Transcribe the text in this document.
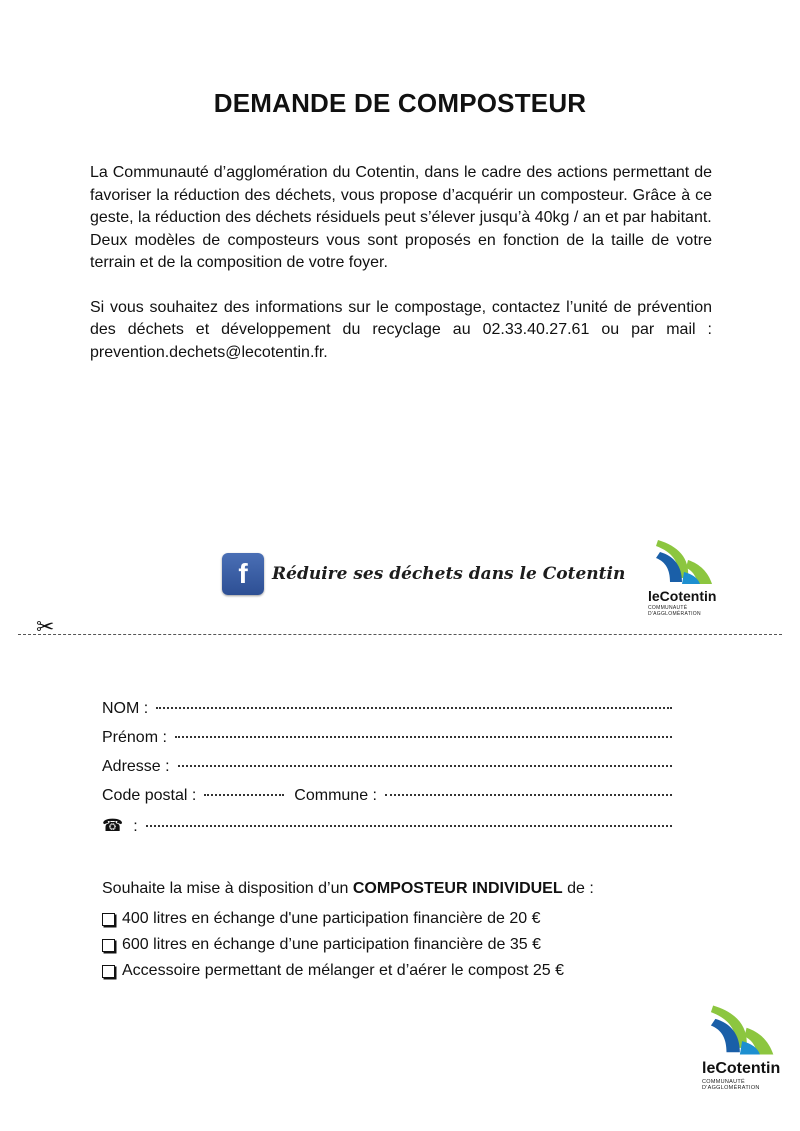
DEMANDE DE COMPOSTEUR

La Communauté d’agglomération du Cotentin, dans le cadre des actions permettant de favoriser la réduction des déchets, vous propose d’acquérir un composteur. Grâce à ce geste, la réduction des déchets résiduels peut s’élever jusqu’à 40kg / an et par habitant.

Deux modèles de composteurs vous sont proposés en fonction de la taille de votre terrain et de la composition de votre foyer.

Si vous souhaitez des informations sur le compostage, contactez l’unité de prévention des déchets et développement du recyclage au 02.33.40.27.61 ou par mail : prevention.dechets@lecotentin.fr.

f Réduire ses déchets dans le Cotentin
leCotentin
COMMUNAUTÉ D'AGGLOMÉRATION
✂
NOM :
Prénom :
Adresse :
Code postal :	Commune :
☎ :
Souhaite la mise à disposition d’un COMPOSTEUR INDIVIDUEL de :
400 litres en échange d'une participation financière de 20 €
600 litres en échange d’une participation financière de 35 €
Accessoire permettant de mélanger et d’aérer le compost 25 €
leCotentin
COMMUNAUTÉ D'AGGLOMÉRATION
